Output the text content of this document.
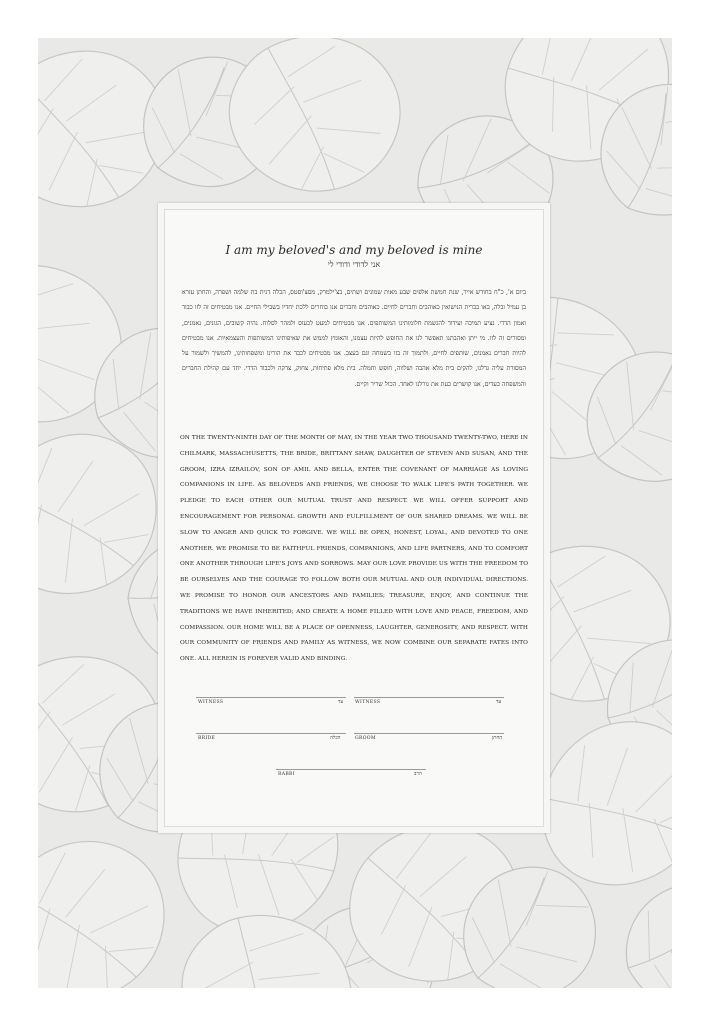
I am my beloved's and my beloved is mine
אני לדודי ודודי לי
ביום א', כ"ח בחודש אייר, שנת חמשת אלפים שבע מאות שמונים ושתים, בצ'ילמרק, מסצ'וסטס, הכלה דנית בת שלמה ושפרה, והחתן עזרא בן עמיל ובלה, באו בברית הנישואין כאוהבים וחברים לחיים. כאוהבים וחברים אנו בוחרים ללכת יחדיו בשבילי החיים. אנו מבטיחים זה לזו כבוד ואמון הדדי. נציע תמיכה ועידוד להגשמת חלומותינו המשותפים. אנו מבטיחים למעט לכעוס ולמהר לסלוח. נהיה קשובים, הגונים, נאמנים, ומסורים זה לזו. מי ייתן ואהבתנו תאפשר לנו את החופש להיות עצמנו, והאומץ לממש את שאיפותינו המשותפות והעצמאיות. אנו מבטיחים להיות חברים נאמנים, שותפים לחיים, ולתמוך זה בזו בשמחה וגם בעצב. אנו מבטיחים לכבד את הורינו ומשפחותינו, להמשיך ולשמור על המסורת עליה גדלנו, להקים בית מלא אהבה ושלווה, חופש וחמלה. בית מלא פתיחות, צחוק, צדקה ולכבוד הדדי. יחד עם קהילת החברים והמשפחה כעדים, אנו קושרים כעת את גורלנו לאחד. הכול שריר וקיים.
ON THE TWENTY-NINTH DAY OF THE MONTH OF MAY, IN THE YEAR TWO THOUSAND TWENTY-TWO, HERE IN CHILMARK, MASSACHUSETTS, THE BRIDE, BRITTANY SHAW, DAUGHTER OF STEVEN AND SUSAN, AND THE GROOM, IZRA IZRAILOV, SON OF AMIL AND BELLA, ENTER THE COVENANT OF MARRIAGE AS LOVING COMPANIONS IN LIFE. AS BELOVEDS AND FRIENDS, WE CHOOSE TO WALK LIFE'S PATH TOGETHER. WE PLEDGE TO EACH OTHER OUR MUTUAL TRUST AND RESPECT. WE WILL OFFER SUPPORT AND ENCOURAGEMENT FOR PERSONAL GROWTH AND FULFILLMENT OF OUR SHARED DREAMS. WE WILL BE SLOW TO ANGER AND QUICK TO FORGIVE. WE WILL BE OPEN, HONEST, LOYAL, AND DEVOTED TO ONE ANOTHER. WE PROMISE TO BE FAITHFUL FRIENDS, COMPANIONS, AND LIFE PARTNERS, AND TO COMFORT ONE ANOTHER THROUGH LIFE'S JOYS AND SORROWS. MAY OUR LOVE PROVIDE US WITH THE FREEDOM TO BE OURSELVES AND THE COURAGE TO FOLLOW BOTH OUR MUTUAL AND OUR INDIVIDUAL DIRECTIONS. WE PROMISE TO HONOR OUR ANCESTORS AND FAMILIES; TREASURE, ENJOY, AND CONTINUE THE TRADITIONS WE HAVE INHERITED; AND CREATE A HOME FILLED WITH LOVE AND PEACE, FREEDOM, AND COMPASSION. OUR HOME WILL BE A PLACE OF OPENNESS, LAUGHTER, GENEROSITY, AND RESPECT. WITH OUR COMMUNITY OF FRIENDS AND FAMILY AS WITNESS, WE NOW COMBINE OUR SEPARATE FATES INTO ONE. ALL HEREIN IS FOREVER VALID AND BINDING.
WITNESS	עד	WITNESS	עד
BRIDE	הכלה	GROOM	החתן
RABBI	הרב
